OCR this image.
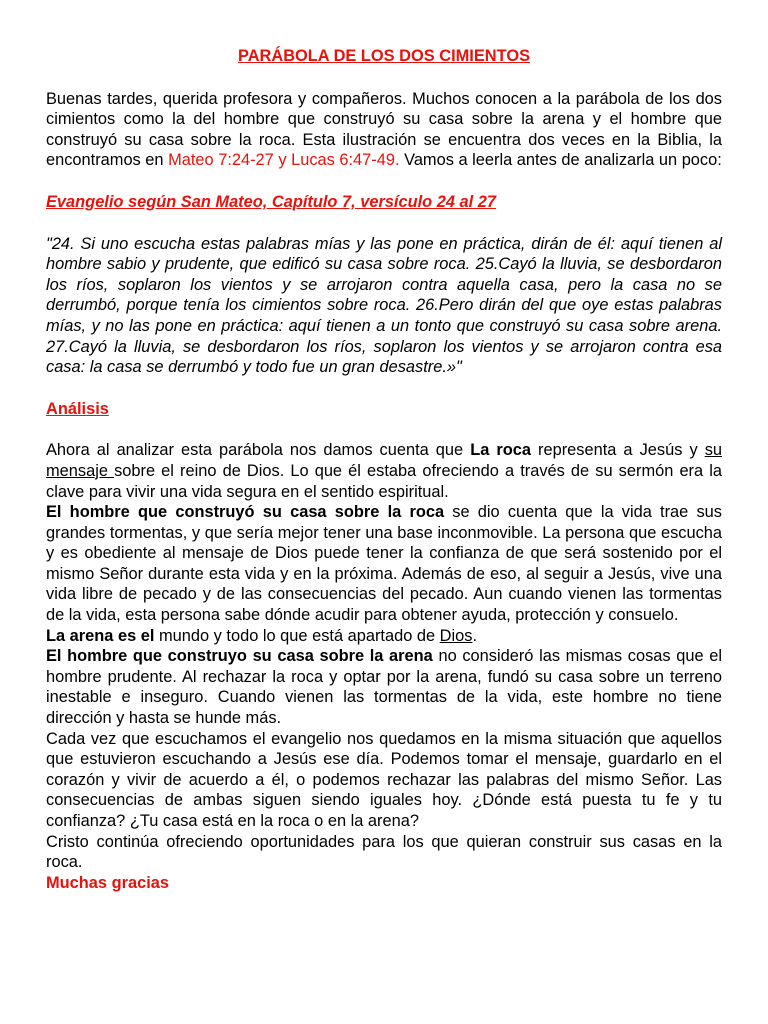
PARÁBOLA DE LOS DOS CIMIENTOS

Buenas tardes, querida profesora y compañeros. Muchos conocen a la parábola de los dos cimientos como la del hombre que construyó su casa sobre la arena y el hombre que construyó su casa sobre la roca. Esta ilustración se encuentra dos veces en la Biblia, la encontramos en Mateo 7:24-27 y Lucas 6:47-49. Vamos a leerla antes de analizarla un poco:

Evangelio según San Mateo, Capítulo 7, versículo 24 al 27

"24. Si uno escucha estas palabras mías y las pone en práctica, dirán de él: aquí tienen al hombre sabio y prudente, que edificó su casa sobre roca. 25.Cayó la lluvia, se desbordaron los ríos, soplaron los vientos y se arrojaron contra aquella casa, pero la casa no se derrumbó, porque tenía los cimientos sobre roca. 26.Pero dirán del que oye estas palabras mías, y no las pone en práctica: aquí tienen a un tonto que construyó su casa sobre arena. 27.Cayó la lluvia, se desbordaron los ríos, soplaron los vientos y se arrojaron contra esa casa: la casa se derrumbó y todo fue un gran desastre.»"

Análisis

Ahora al analizar esta parábola nos damos cuenta que La roca representa a Jesús y su mensaje sobre el reino de Dios. Lo que él estaba ofreciendo a través de su sermón era la clave para vivir una vida segura en el sentido espiritual.

El hombre que construyó su casa sobre la roca se dio cuenta que la vida trae sus grandes tormentas, y que sería mejor tener una base inconmovible. La persona que escucha y es obediente al mensaje de Dios puede tener la confianza de que será sostenido por el mismo Señor durante esta vida y en la próxima. Además de eso, al seguir a Jesús, vive una vida libre de pecado y de las consecuencias del pecado. Aun cuando vienen las tormentas de la vida, esta persona sabe dónde acudir para obtener ayuda, protección y consuelo.

La arena es el mundo y todo lo que está apartado de Dios.

El hombre que construyo su casa sobre la arena no consideró las mismas cosas que el hombre prudente. Al rechazar la roca y optar por la arena, fundó su casa sobre un terreno inestable e inseguro. Cuando vienen las tormentas de la vida, este hombre no tiene dirección y hasta se hunde más.

Cada vez que escuchamos el evangelio nos quedamos en la misma situación que aquellos que estuvieron escuchando a Jesús ese día. Podemos tomar el mensaje, guardarlo en el corazón y vivir de acuerdo a él, o podemos rechazar las palabras del mismo Señor. Las consecuencias de ambas siguen siendo iguales hoy. ¿Dónde está puesta tu fe y tu confianza? ¿Tu casa está en la roca o en la arena?

Cristo continúa ofreciendo oportunidades para los que quieran construir sus casas en la roca.

Muchas gracias
